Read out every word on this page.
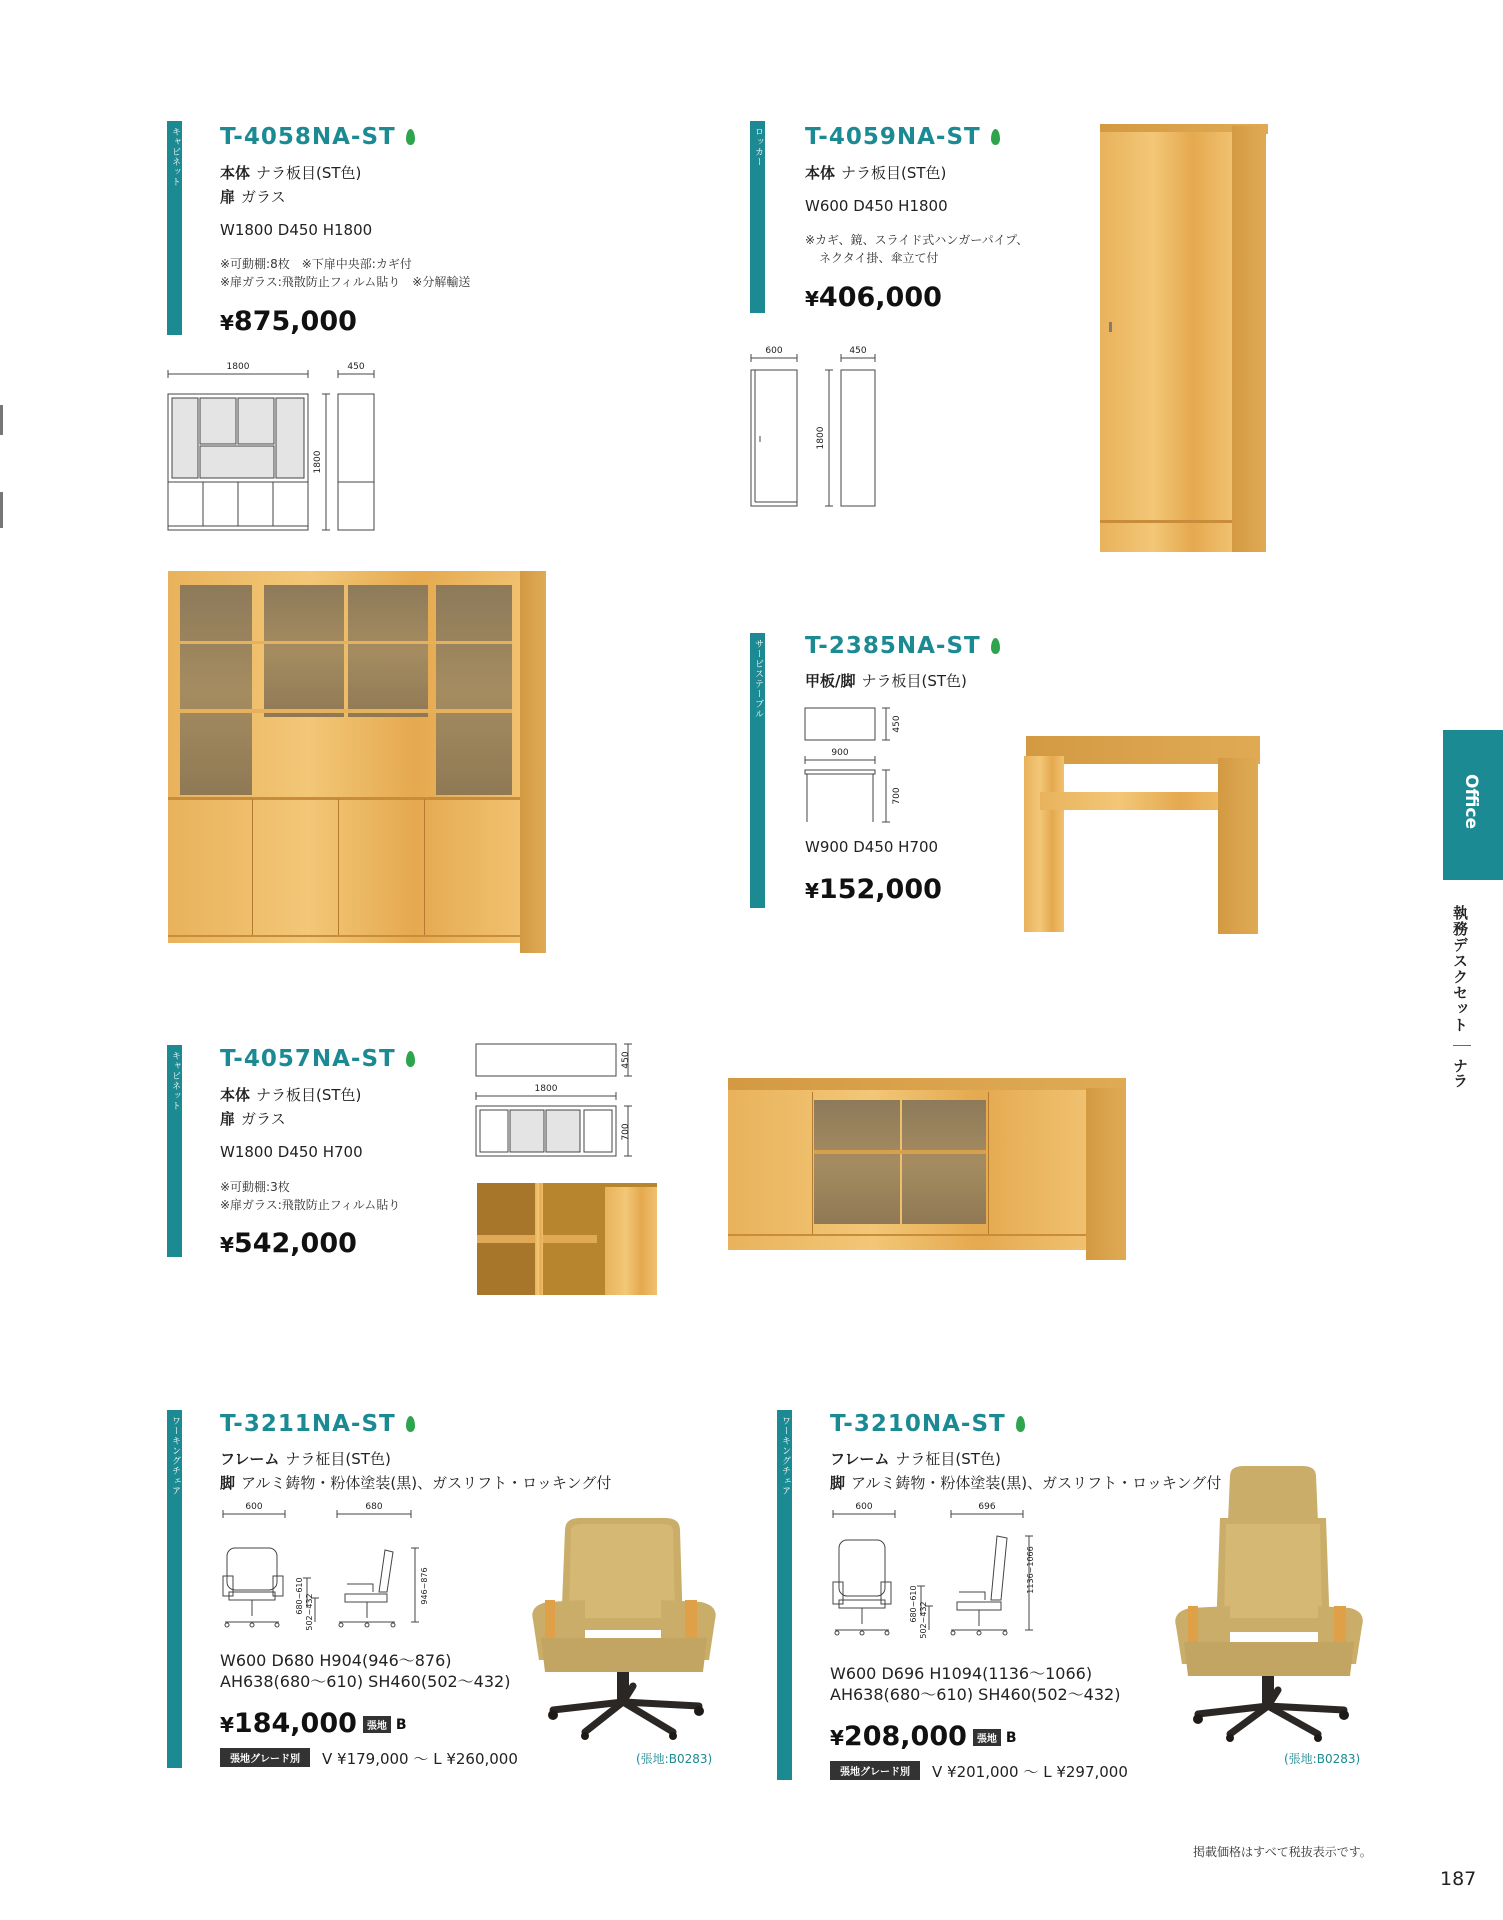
Office
執務デスクセット
ナラ
キャビネット T-4058NA-ST
本体 ナラ板目(ST色)
扉 ガラス
W1800 D450 H1800
※可動棚:8枚　※下扉中央部:カギ付
※扉ガラス:飛散防止フィルム貼り　※分解輸送
¥875,000
1800	450
1800
ロッカー T-4059NA-ST
本体 ナラ板目(ST色)
W600 D450 H1800
※カギ、鏡、スライド式ハンガーパイプ、
ネクタイ掛、傘立て付
¥406,000
600	450
1800
サービステーブル T-2385NA-ST
甲板/脚 ナラ板目(ST色)
450
900
700
W900 D450 H700
¥152,000
キャビネット T-4057NA-ST
本体 ナラ板目(ST色)
扉 ガラス
W1800 D450 H700
※可動棚:3枚
※扉ガラス:飛散防止フィルム貼り
¥542,000
450
1800
700
ワーキングチェア T-3211NA-ST
フレーム ナラ柾目(ST色)
脚 アルミ鋳物・粉体塗装(黒)、ガスリフト・ロッキング付
600	680
680~610 502~432
946~876
W600 D680 H904(946～876)
AH638(680～610) SH460(502～432)
¥184,000 張地 B
張地グレード別 V ¥179,000 ～ L ¥260,000	(張地:B0283)
ワーキングチェア T-3210NA-ST
フレーム ナラ柾目(ST色)
脚 アルミ鋳物・粉体塗装(黒)、ガスリフト・ロッキング付
600	696
680~610 502~432
1136~1066
W600 D696 H1094(1136～1066)
AH638(680～610) SH460(502～432)
¥208,000 張地 B
張地グレード別 V ¥201,000 ～ L ¥297,000
(張地:B0283)
掲載価格はすべて税抜表示です。
187
